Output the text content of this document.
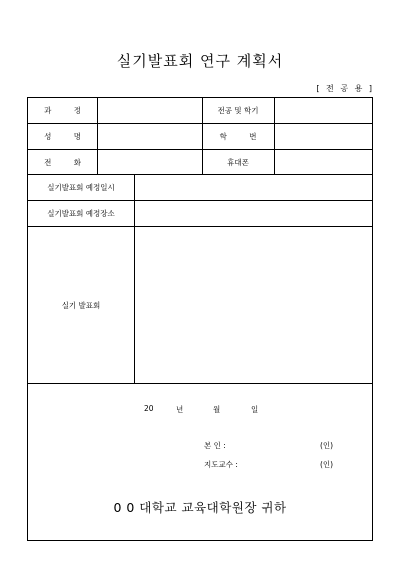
실기발표회 연구 계획서
[ 전 공 용 ]
과 정	전공 및 학기
성 명	학 번
전 화	휴대폰
실기발표회 예정일시
실기발표회 예정장소
실기 발표회
20	년	월	일
본 인 :	(인)
지도교수 :	(인)
0 0 대학교 교육대학원장 귀하
